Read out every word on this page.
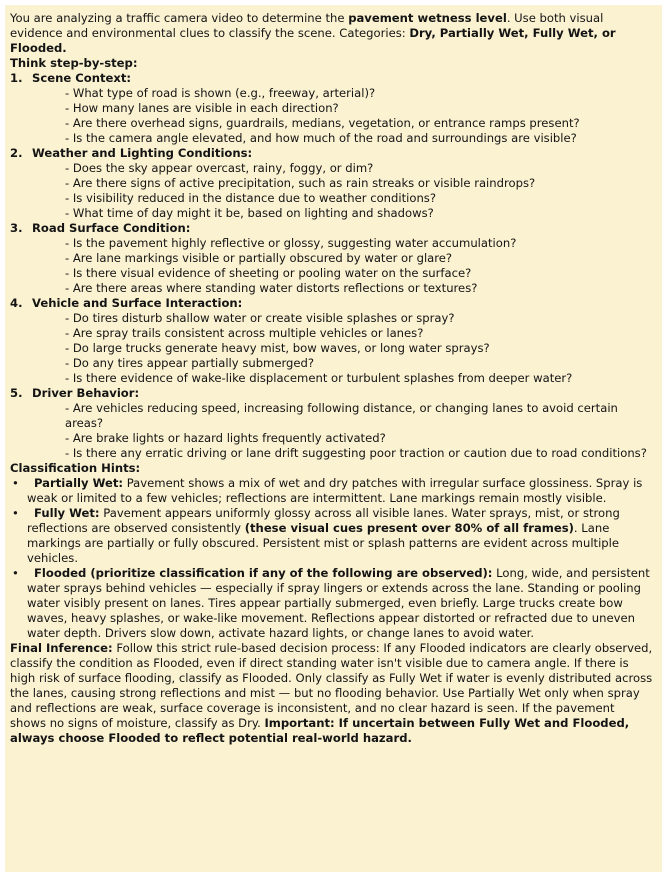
You are analyzing a traffic camera video to determine the pavement wetness level. Use both visual evidence and environmental clues to classify the scene. Categories: Dry, Partially Wet, Fully Wet, or Flooded.

Think step-by-step:

1. Scene Context:

- What type of road is shown (e.g., freeway, arterial)?

- How many lanes are visible in each direction?

- Are there overhead signs, guardrails, medians, vegetation, or entrance ramps present?

- Is the camera angle elevated, and how much of the road and surroundings are visible?

2. Weather and Lighting Conditions:

- Does the sky appear overcast, rainy, foggy, or dim?

- Are there signs of active precipitation, such as rain streaks or visible raindrops?

- Is visibility reduced in the distance due to weather conditions?

- What time of day might it be, based on lighting and shadows?

3. Road Surface Condition:

- Is the pavement highly reflective or glossy, suggesting water accumulation?

- Are lane markings visible or partially obscured by water or glare?

- Is there visual evidence of sheeting or pooling water on the surface?

- Are there areas where standing water distorts reflections or textures?

4. Vehicle and Surface Interaction:

- Do tires disturb shallow water or create visible splashes or spray?

- Are spray trails consistent across multiple vehicles or lanes?

- Do large trucks generate heavy mist, bow waves, or long water sprays?

- Do any tires appear partially submerged?

- Is there evidence of wake-like displacement or turbulent splashes from deeper water?

5. Driver Behavior:

- Are vehicles reducing speed, increasing following distance, or changing lanes to avoid certain areas?

- Are brake lights or hazard lights frequently activated?

- Is there any erratic driving or lane drift suggesting poor traction or caution due to road conditions?

Classification Hints:

• Partially Wet: Pavement shows a mix of wet and dry patches with irregular surface glossiness. Spray is weak or limited to a few vehicles; reflections are intermittent. Lane markings remain mostly visible.
• Fully Wet: Pavement appears uniformly glossy across all visible lanes. Water sprays, mist, or strong reflections are observed consistently (these visual cues present over 80% of all frames). Lane markings are partially or fully obscured. Persistent mist or splash patterns are evident across multiple vehicles.
• Flooded (prioritize classification if any of the following are observed): Long, wide, and persistent water sprays behind vehicles — especially if spray lingers or extends across the lane. Standing or pooling water visibly present on lanes. Tires appear partially submerged, even briefly. Large trucks create bow waves, heavy splashes, or wake-like movement. Reflections appear distorted or refracted due to uneven water depth. Drivers slow down, activate hazard lights, or change lanes to avoid water.

Final Inference: Follow this strict rule-based decision process: If any Flooded indicators are clearly observed, classify the condition as Flooded, even if direct standing water isn't visible due to camera angle. If there is high risk of surface flooding, classify as Flooded. Only classify as Fully Wet if water is evenly distributed across the lanes, causing strong reflections and mist — but no flooding behavior. Use Partially Wet only when spray and reflections are weak, surface coverage is inconsistent, and no clear hazard is seen. If the pavement shows no signs of moisture, classify as Dry. Important: If uncertain between Fully Wet and Flooded, always choose Flooded to reflect potential real-world hazard.
